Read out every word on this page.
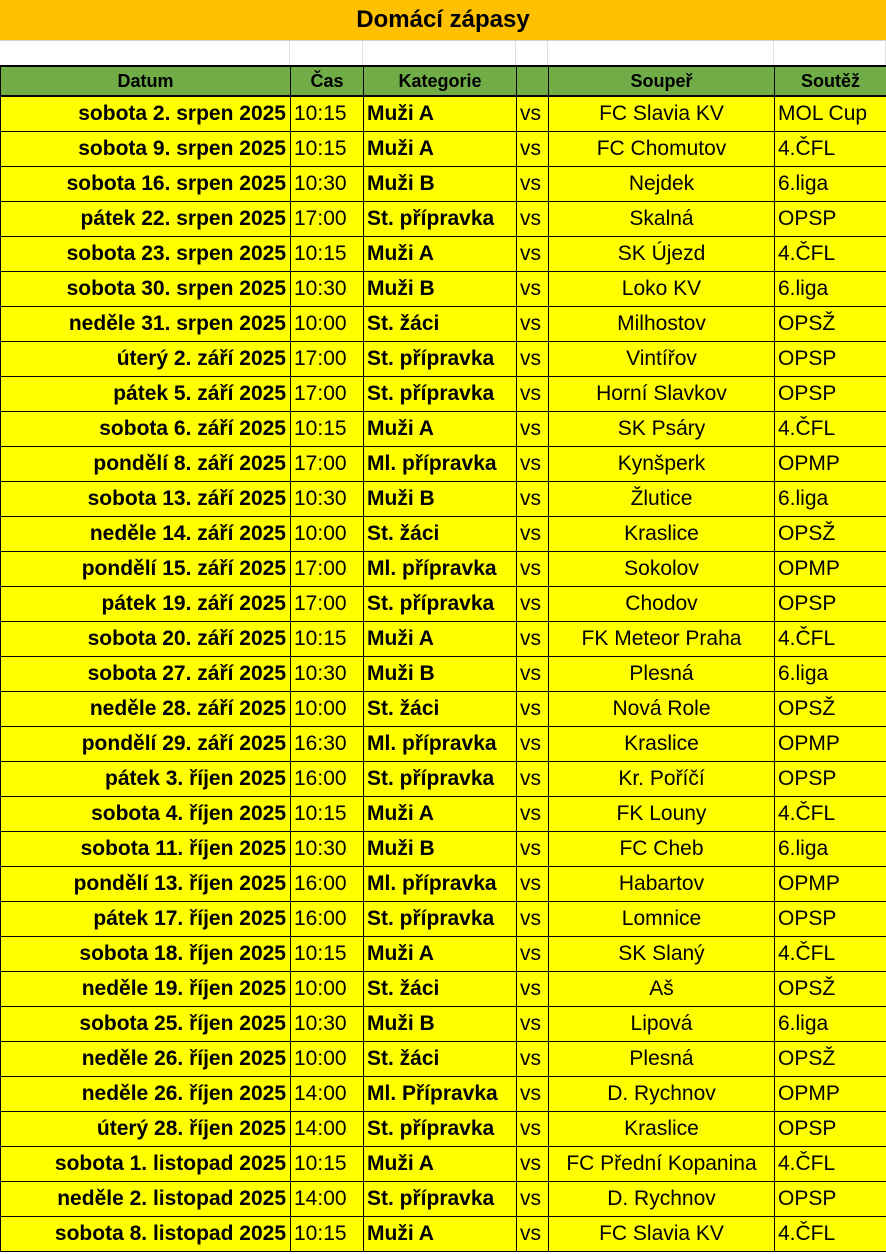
Domácí zápasy
Datum	Čas	Kategorie		Soupeř	Soutěž
sobota 2. srpen 2025	10:15	Muži A	vs	FC Slavia KV	MOL Cup
sobota 9. srpen 2025	10:15	Muži A	vs	FC Chomutov	4.ČFL
sobota 16. srpen 2025	10:30	Muži B	vs	Nejdek	6.liga
pátek 22. srpen 2025	17:00	St. přípravka	vs	Skalná	OPSP
sobota 23. srpen 2025	10:15	Muži A	vs	SK Újezd	4.ČFL
sobota 30. srpen 2025	10:30	Muži B	vs	Loko KV	6.liga
neděle 31. srpen 2025	10:00	St. žáci	vs	Milhostov	OPSŽ
úterý 2. září 2025	17:00	St. přípravka	vs	Vintířov	OPSP
pátek 5. září 2025	17:00	St. přípravka	vs	Horní Slavkov	OPSP
sobota 6. září 2025	10:15	Muži A	vs	SK Psáry	4.ČFL
pondělí 8. září 2025	17:00	Ml. přípravka	vs	Kynšperk	OPMP
sobota 13. září 2025	10:30	Muži B	vs	Žlutice	6.liga
neděle 14. září 2025	10:00	St. žáci	vs	Kraslice	OPSŽ
pondělí 15. září 2025	17:00	Ml. přípravka	vs	Sokolov	OPMP
pátek 19. září 2025	17:00	St. přípravka	vs	Chodov	OPSP
sobota 20. září 2025	10:15	Muži A	vs	FK Meteor Praha	4.ČFL
sobota 27. září 2025	10:30	Muži B	vs	Plesná	6.liga
neděle 28. září 2025	10:00	St. žáci	vs	Nová Role	OPSŽ
pondělí 29. září 2025	16:30	Ml. přípravka	vs	Kraslice	OPMP
pátek 3. říjen 2025	16:00	St. přípravka	vs	Kr. Poříčí	OPSP
sobota 4. říjen 2025	10:15	Muži A	vs	FK Louny	4.ČFL
sobota 11. říjen 2025	10:30	Muži B	vs	FC Cheb	6.liga
pondělí 13. říjen 2025	16:00	Ml. přípravka	vs	Habartov	OPMP
pátek 17. říjen 2025	16:00	St. přípravka	vs	Lomnice	OPSP
sobota 18. říjen 2025	10:15	Muži A	vs	SK Slaný	4.ČFL
neděle 19. říjen 2025	10:00	St. žáci	vs	Aš	OPSŽ
sobota 25. říjen 2025	10:30	Muži B	vs	Lipová	6.liga
neděle 26. říjen 2025	10:00	St. žáci	vs	Plesná	OPSŽ
neděle 26. říjen 2025	14:00	Ml. Přípravka	vs	D. Rychnov	OPMP
úterý 28. říjen 2025	14:00	St. přípravka	vs	Kraslice	OPSP
sobota 1. listopad 2025	10:15	Muži A	vs	FC Přední Kopanina	4.ČFL
neděle 2. listopad 2025	14:00	St. přípravka	vs	D. Rychnov	OPSP
sobota 8. listopad 2025	10:15	Muži A	vs	FC Slavia KV	4.ČFL
